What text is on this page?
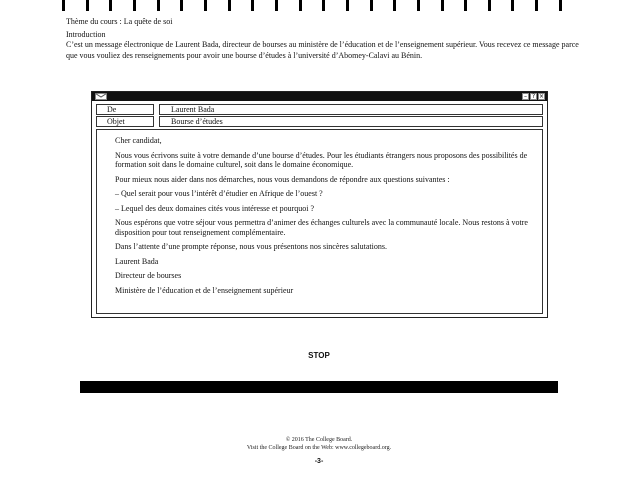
Thème du cours : La quête de soi

Introduction

C’est un message électronique de Laurent Bada, directeur de bourses au ministère de l’éducation et de l’enseignement supérieur. Vous recevez ce message parce que vous vouliez des renseignements pour avoir une bourse d’études à l’université d’Abomey-Calavi au Bénin.

– ? ×
De	Laurent Bada
Objet	Bourse d’études

Cher candidat,

Nous vous écrivons suite à votre demande d’une bourse d’études. Pour les étudiants étrangers nous proposons des possibilités de formation soit dans le domaine culturel, soit dans le domaine économique.

Pour mieux nous aider dans nos démarches, nous vous demandons de répondre aux questions suivantes :

– Quel serait pour vous l’intérêt d’étudier en Afrique de l’ouest ?

– Lequel des deux domaines cités vous intéresse et pourquoi ?

Nous espérons que votre séjour vous permettra d’animer des échanges culturels avec la communauté locale. Nous restons à votre disposition pour tout renseignement complémentaire.

Dans l’attente d’une prompte réponse, nous vous présentons nos sincères salutations.

Laurent Bada

Directeur de bourses

Ministère de l’éducation et de l’enseignement supérieur

STOP
© 2016 The College Board.
Visit the College Board on the Web: www.collegeboard.org.
-3-
